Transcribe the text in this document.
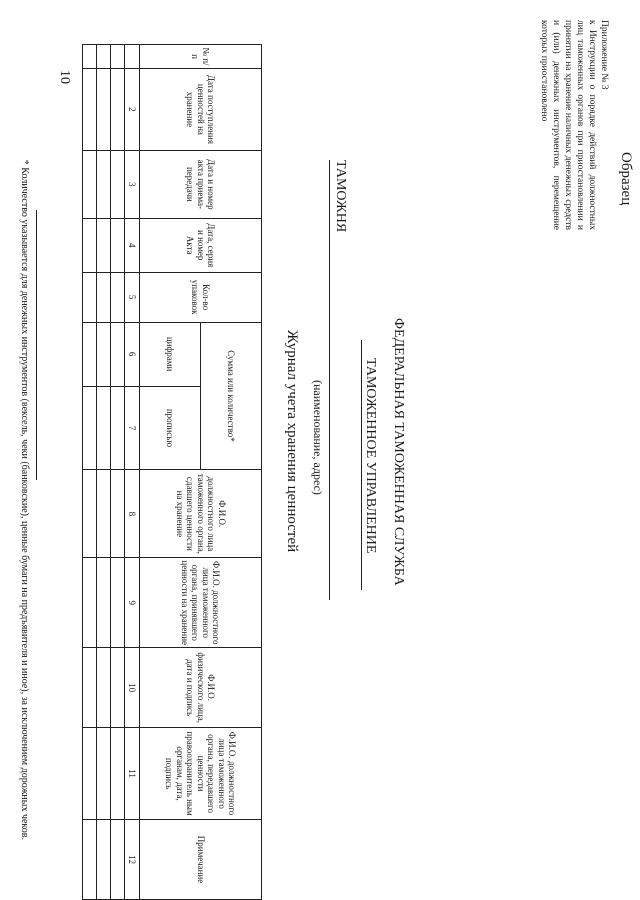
Образец
Приложение № 3
к Инструкции о порядке действий должностных лиц таможенных органов при приостановлении и принятии на хранение наличных денежных средств и (или) денежных инструментов, перемещение которых приостановлено
ФЕДЕРАЛЬНАЯ ТАМОЖЕННАЯ СЛУЖБА
ТАМОЖЕННОЕ УПРАВЛЕНИЕ
ТАМОЖНЯ
(наименование, адрес)
Журнал учета хранения ценностей
№ п/п	Дата поступления ценностей на хранение	Дата и номер акта приема-передачи	Дата, серия и номер Акта	Кол-во упаковок	Сумма или количество*		Ф.И.О. должностного лица таможенного органа, сдавшего ценности на хранение	Ф.И.О. должностного лица таможенного органа, принявшего ценности на хранение	Ф.И.О. физического лица, дата и подпись	Ф.И.О. должностного лица таможенного органа, передавшего ценности правоохранитель ным органам, дата, подпись	Примечание
					цифрами	прописью					
	2	3	4	5	6	7	8	9	10	11	12

* Количество указывается для денежных инструментов (вексель, чеки (банковские), ценные бумаги на предъявителя и иное), за исключением дорожных чеков.
10
